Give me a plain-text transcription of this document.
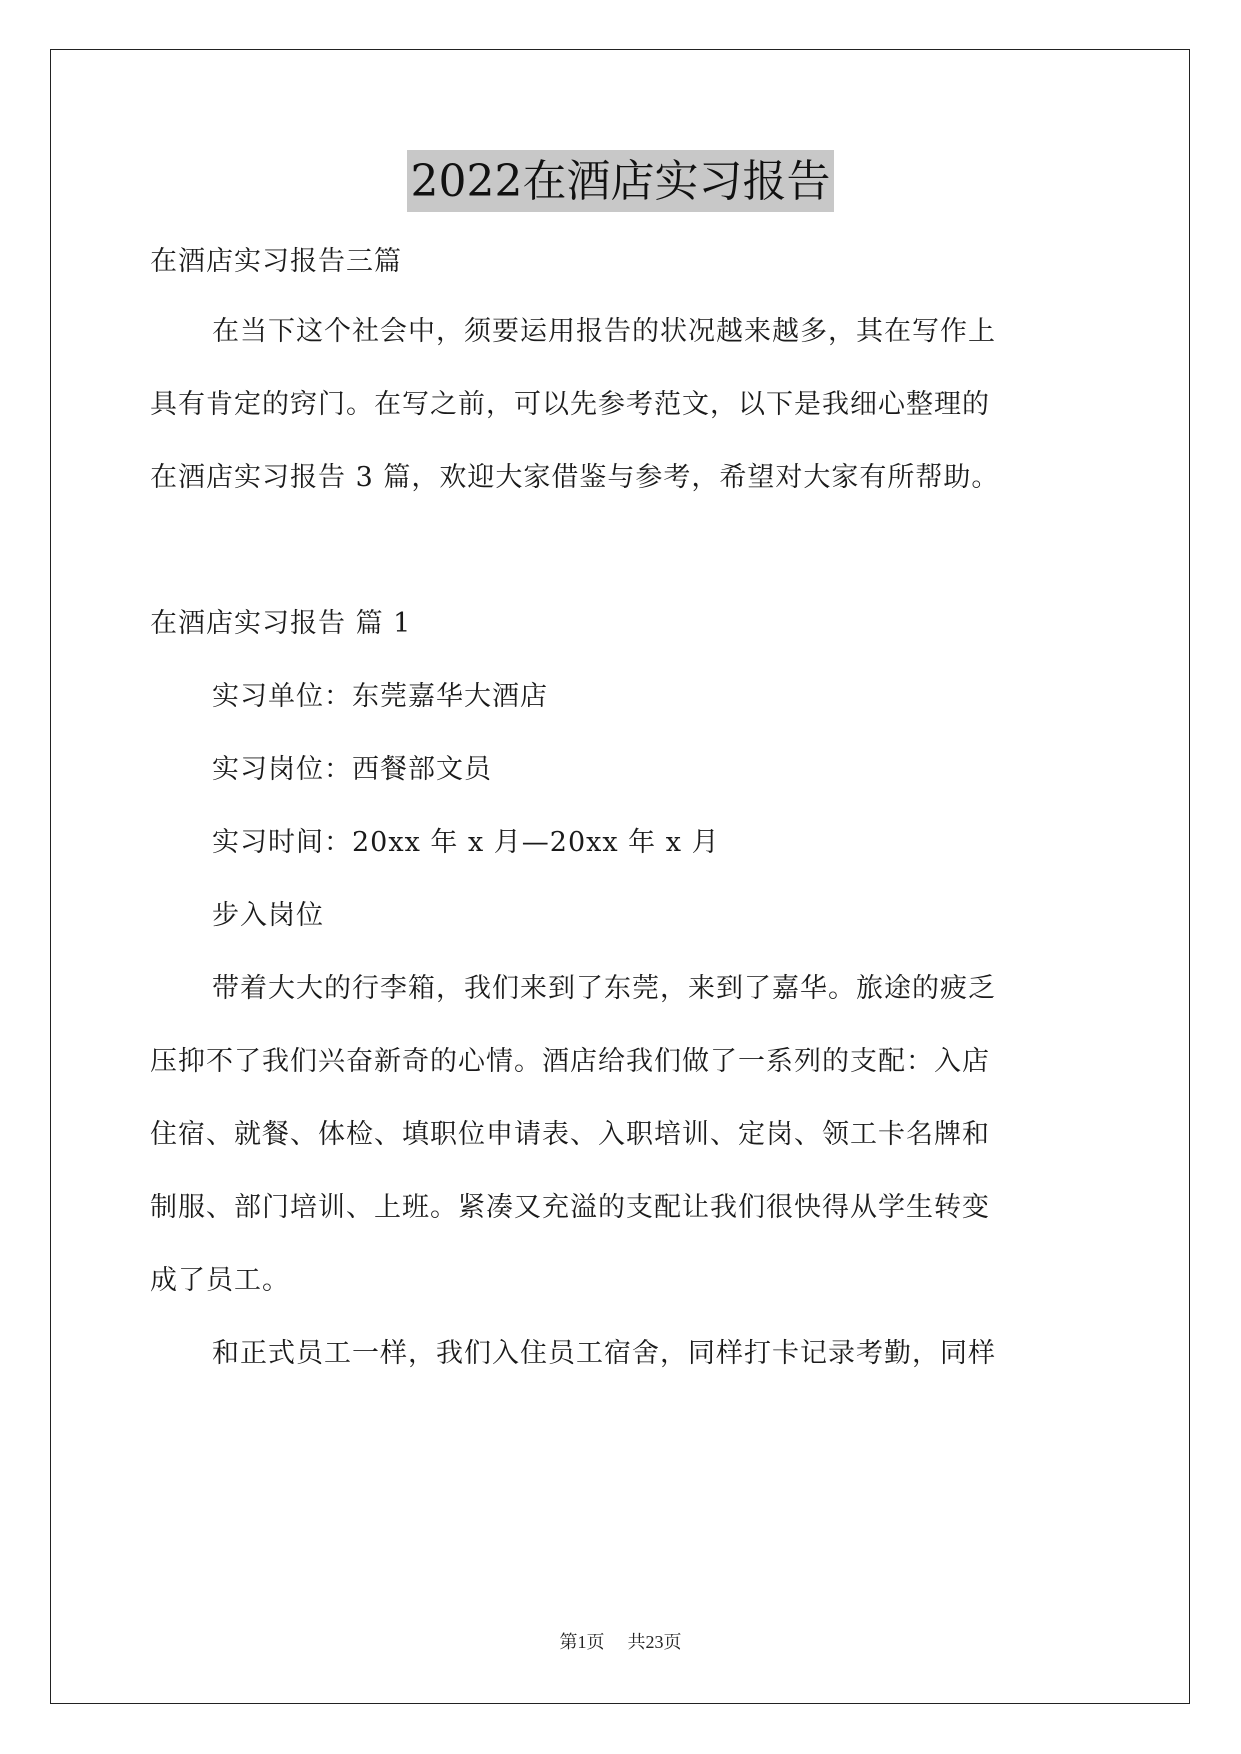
2022在酒店实习报告
在酒店实习报告三篇
在当下这个社会中，须要运用报告的状况越来越多，其在写作上
具有肯定的窍门。在写之前，可以先参考范文，以下是我细心整理的
在酒店实习报告 3 篇，欢迎大家借鉴与参考，希望对大家有所帮助。
在酒店实习报告 篇 1
实习单位：东莞嘉华大酒店
实习岗位：西餐部文员
实习时间：20xx 年 x 月—20xx 年 x 月
步入岗位
带着大大的行李箱，我们来到了东莞，来到了嘉华。旅途的疲乏
压抑不了我们兴奋新奇的心情。酒店给我们做了一系列的支配：入店
住宿、就餐、体检、填职位申请表、入职培训、定岗、领工卡名牌和
制服、部门培训、上班。紧凑又充溢的支配让我们很快得从学生转变
成了员工。
和正式员工一样，我们入住员工宿舍，同样打卡记录考勤，同样
第1页 共23页
